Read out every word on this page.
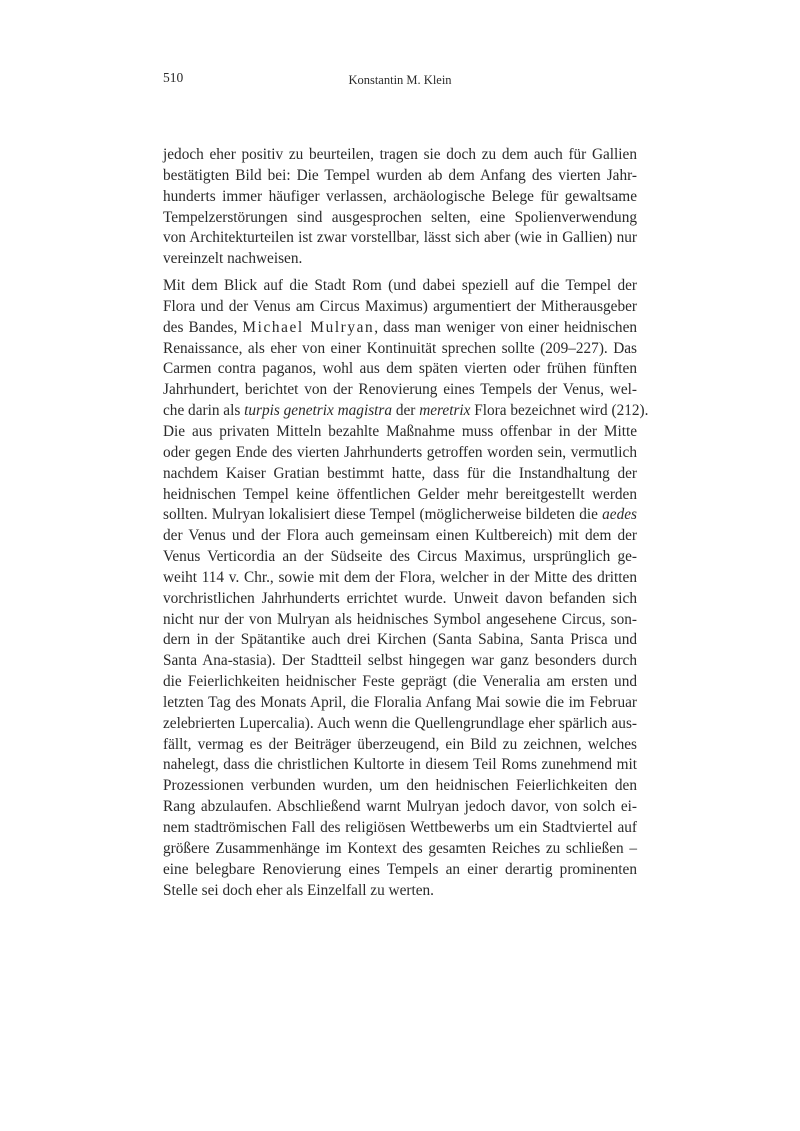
510	Konstantin M. Klein
jedoch eher positiv zu beurteilen, tragen sie doch zu dem auch für Gallien
bestätigten Bild bei: Die Tempel wurden ab dem Anfang des vierten Jahr-
hunderts immer häufiger verlassen, archäologische Belege für gewaltsame
Tempelzerstörungen sind ausgesprochen selten, eine Spolienverwendung
von Architekturteilen ist zwar vorstellbar, lässt sich aber (wie in Gallien) nur
vereinzelt nachweisen.
Mit dem Blick auf die Stadt Rom (und dabei speziell auf die Tempel der
Flora und der Venus am Circus Maximus) argumentiert der Mitherausgeber
des Bandes, Michael Mulryan, dass man weniger von einer heidnischen
Renaissance, als eher von einer Kontinuität sprechen sollte (209–227). Das
Carmen contra paganos, wohl aus dem späten vierten oder frühen fünften
Jahrhundert, berichtet von der Renovierung eines Tempels der Venus, wel-
che darin als turpis genetrix magistra der meretrix Flora bezeichnet wird (212).
Die aus privaten Mitteln bezahlte Maßnahme muss offenbar in der Mitte
oder gegen Ende des vierten Jahrhunderts getroffen worden sein, vermutlich
nachdem Kaiser Gratian bestimmt hatte, dass für die Instandhaltung der
heidnischen Tempel keine öffentlichen Gelder mehr bereitgestellt werden
sollten. Mulryan lokalisiert diese Tempel (möglicherweise bildeten die aedes
der Venus und der Flora auch gemeinsam einen Kultbereich) mit dem der
Venus Verticordia an der Südseite des Circus Maximus, ursprünglich ge-
weiht 114 v. Chr., sowie mit dem der Flora, welcher in der Mitte des dritten
vorchristlichen Jahrhunderts errichtet wurde. Unweit davon befanden sich
nicht nur der von Mulryan als heidnisches Symbol angesehene Circus, son-
dern in der Spätantike auch drei Kirchen (Santa Sabina, Santa Prisca und
Santa Ana-stasia). Der Stadtteil selbst hingegen war ganz besonders durch
die Feierlichkeiten heidnischer Feste geprägt (die Veneralia am ersten und
letzten Tag des Monats April, die Floralia Anfang Mai sowie die im Februar
zelebrierten Lupercalia). Auch wenn die Quellengrundlage eher spärlich aus-
fällt, vermag es der Beiträger überzeugend, ein Bild zu zeichnen, welches
nahelegt, dass die christlichen Kultorte in diesem Teil Roms zunehmend mit
Prozessionen verbunden wurden, um den heidnischen Feierlichkeiten den
Rang abzulaufen. Abschließend warnt Mulryan jedoch davor, von solch ei-
nem stadtrömischen Fall des religiösen Wettbewerbs um ein Stadtviertel auf
größere Zusammenhänge im Kontext des gesamten Reiches zu schließen –
eine belegbare Renovierung eines Tempels an einer derartig prominenten
Stelle sei doch eher als Einzelfall zu werten.
